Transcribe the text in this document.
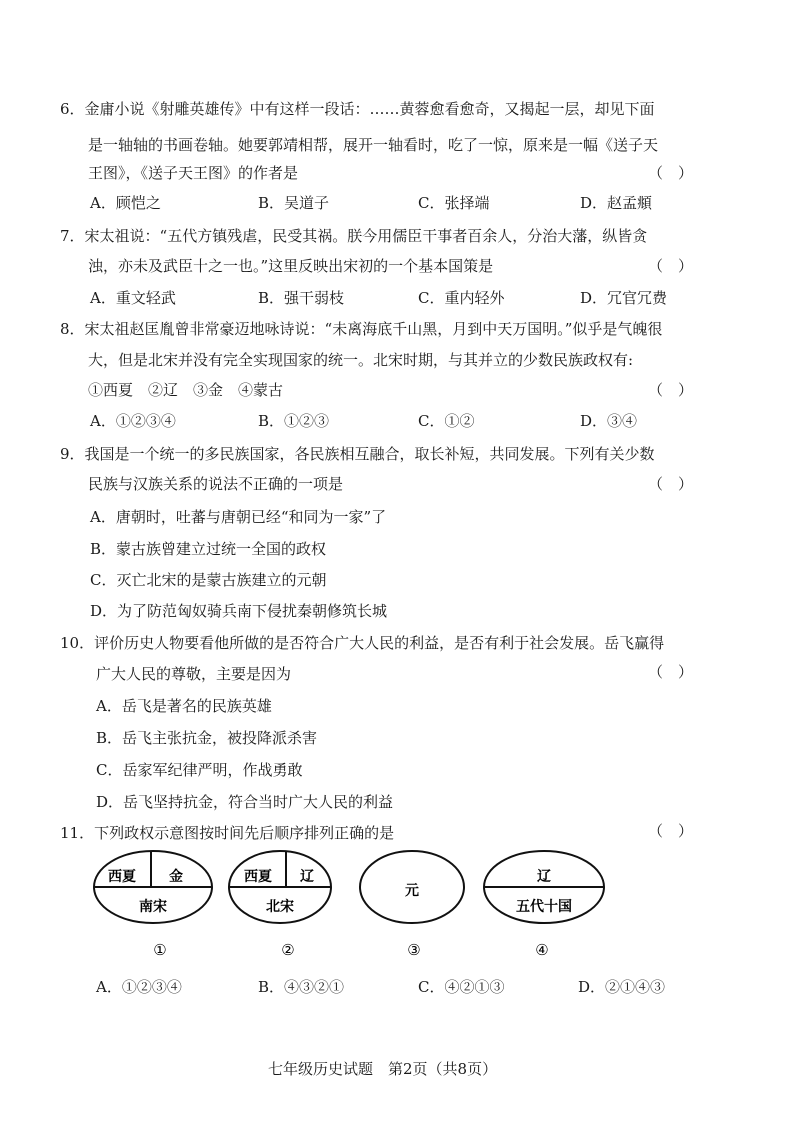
6．金庸小说《射雕英雄传》中有这样一段话：……黄蓉愈看愈奇，又揭起一层，却见下面
是一轴轴的书画卷轴。她要郭靖相帮，展开一轴看时，吃了一惊，原来是一幅《送子天
王图》，《送子天王图》的作者是	（　）
A．顾恺之	B．吴道子	C．张择端	D．赵孟頫
7．宋太祖说：“五代方镇残虐，民受其祸。朕今用儒臣干事者百余人，分治大藩，纵皆贪
浊，亦未及武臣十之一也。”这里反映出宋初的一个基本国策是	（　）
A．重文轻武	B．强干弱枝	C．重内轻外	D．冗官冗费
8．宋太祖赵匡胤曾非常豪迈地咏诗说：“未离海底千山黑，月到中天万国明。”似乎是气魄很
大，但是北宋并没有完全实现国家的统一。北宋时期，与其并立的少数民族政权有:
①西夏　②辽　③金　④蒙古	（　）
A．①②③④	B．①②③	C．①②	D．③④
9．我国是一个统一的多民族国家，各民族相互融合，取长补短，共同发展。下列有关少数
民族与汉族关系的说法不正确的一项是	（　）
A．唐朝时，吐蕃与唐朝已经“和同为一家”了
B．蒙古族曾建立过统一全国的政权
C．灭亡北宋的是蒙古族建立的元朝
D．为了防范匈奴骑兵南下侵扰秦朝修筑长城
10．评价历史人物要看他所做的是否符合广大人民的利益，是否有利于社会发展。岳飞赢得
广大人民的尊敬，主要是因为	（　）
A．岳飞是著名的民族英雄
B．岳飞主张抗金，被投降派杀害
C．岳家军纪律严明，作战勇敢
D．岳飞坚持抗金，符合当时广大人民的利益
11．下列政权示意图按时间先后顺序排列正确的是	（　）
西夏 金
南宋
①
西夏 辽
北宋
②
元
③
辽
五代十国
④
A．①②③④	B．④③②①	C．④②①③	D．②①④③
七年级历史试题　第2页（共8页）
